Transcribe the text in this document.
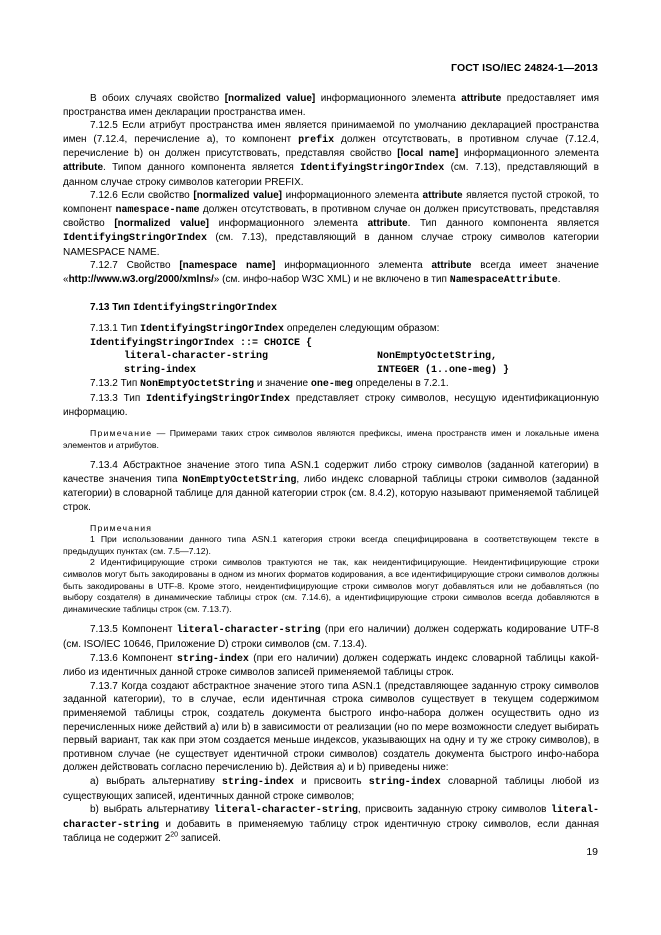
ГОСТ ISO/IEC 24824-1—2013

В обоих случаях свойство [normalized value] информационного элемента attribute предоставляет имя пространства имен декларации пространства имен.

7.12.5 Если атрибут пространства имен является принимаемой по умолчанию декларацией пространства имен (7.12.4, перечисление а), то компонент prefix должен отсутствовать, в противном случае (7.12.4, перечисление b) он должен присутствовать, представляя свойство [local name] информационного элемента attribute. Типом данного компонента является IdentifyingStringOrIndex (см. 7.13), представляющий в данном случае строку символов категории PREFIX.

7.12.6 Если свойство [normalized value] информационного элемента attribute является пустой строкой, то компонент namespace-name должен отсутствовать, в противном случае он должен присутствовать, представляя свойство [normalized value] информационного элемента attribute. Тип данного компонента является IdentifyingStringOrIndex (см. 7.13), представляющий в данном случае строку символов категории NAMESPACE NAME.

7.12.7 Свойство [namespace name] информационного элемента attribute всегда имеет значение «http://www.w3.org/2000/xmlns/» (см. инфо-набор W3C XML) и не включено в тип NamespaceAttribute.

7.13 Тип IdentifyingStringOrIndex

7.13.1 Тип IdentifyingStringOrIndex определен следующим образом:

IdentifyingStringOrIndex ::= CHOICE {
literal-character-string	NonEmptyOctetString,
string-index	INTEGER (1..one-meg) }

7.13.2 Тип NonEmptyOctetString и значение one-meg определены в 7.2.1.

7.13.3 Тип IdentifyingStringOrIndex представляет строку символов, несущую идентификационную информацию.

Примечание — Примерами таких строк символов являются префиксы, имена пространств имен и локальные имена элементов и атрибутов.

7.13.4 Абстрактное значение этого типа ASN.1 содержит либо строку символов (заданной категории) в качестве значения типа NonEmptyOctetString, либо индекс словарной таблицы строки символов (заданной категории) в словарной таблице для данной категории строк (см. 8.4.2), которую называют применяемой таблицей строк.

Примечания

1 При использовании данного типа ASN.1 категория строки всегда специфицирована в соответствующем тексте в предыдущих пунктах (см. 7.5—7.12).

2 Идентифицирующие строки символов трактуются не так, как неидентифицирующие. Неидентифицирующие строки символов могут быть закодированы в одном из многих форматов кодирования, а все идентифицирующие строки символов должны быть закодированы в UTF-8. Кроме этого, неидентифицирующие строки символов могут добавляться или не добавляться (по выбору создателя) в динамические таблицы строк (см. 7.14.6), а идентифицирующие строки символов всегда добавляются в динамические таблицы строк (см. 7.13.7).

7.13.5 Компонент literal-character-string (при его наличии) должен содержать кодирование UTF-8 (см. ISO/IEC 10646, Приложение D) строки символов (см. 7.13.4).

7.13.6 Компонент string-index (при его наличии) должен содержать индекс словарной таблицы какой-либо из идентичных данной строке символов записей применяемой таблицы строк.

7.13.7 Когда создают абстрактное значение этого типа ASN.1 (представляющее заданную строку символов заданной категории), то в случае, если идентичная строка символов существует в текущем содержимом применяемой таблицы строк, создатель документа быстрого инфо-набора должен осуществить одно из перечисленных ниже действий а) или b) в зависимости от реализации (но по мере возможности следует выбирать первый вариант, так как при этом создается меньше индексов, указывающих на одну и ту же строку символов), в противном случае (не существует идентичной строки символов) создатель документа быстрого инфо-набора должен действовать согласно перечислению b). Действия а) и b) приведены ниже:

а) выбрать альтернативу string-index и присвоить string-index словарной таблицы любой из существующих записей, идентичных данной строке символов;

b) выбрать альтернативу literal-character-string, присвоить заданную строку символов literal-character-string и добавить в применяемую таблицу строк идентичную строку символов, если данная таблица не содержит $2^{20}$ записей.

19
